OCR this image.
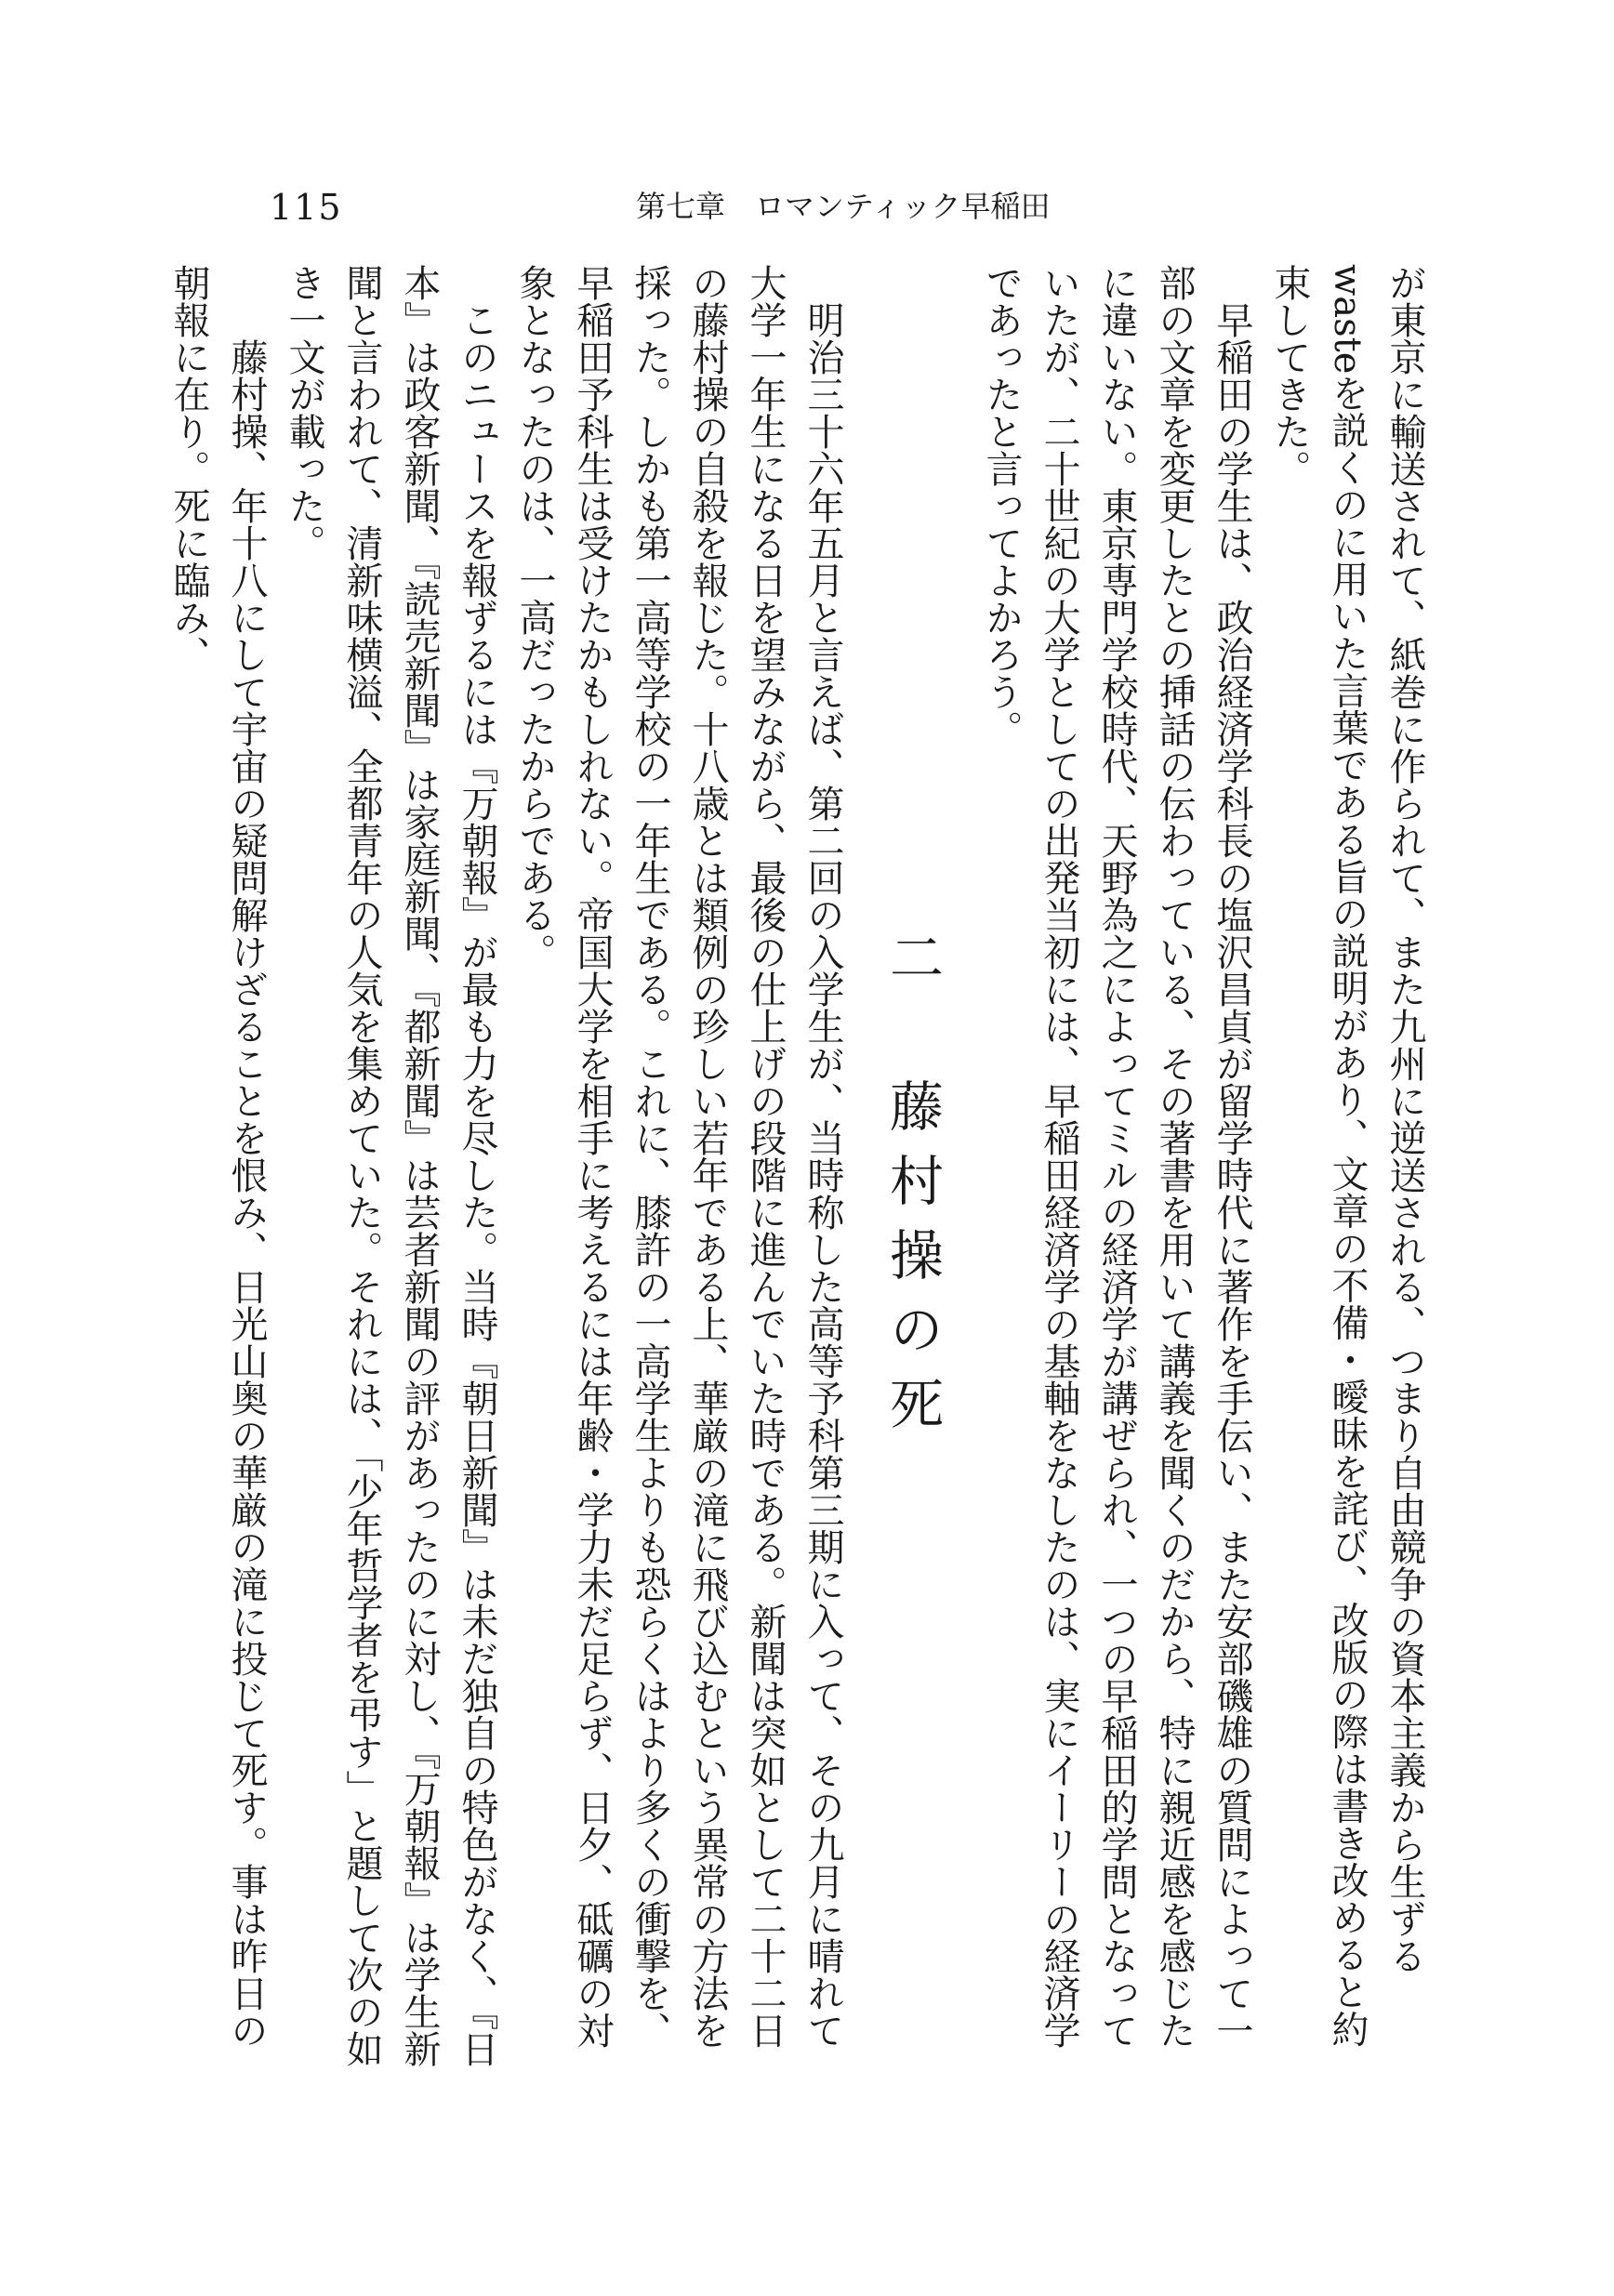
115	第七章　ロマンティック早稲田

が東京に輸送されて、紙巻に作られて、また九州に逆送される、つまり自由競争の資本主義から生ずるwasteを説くのに用いた言葉である旨の説明があり、文章の不備・曖昧を詫び、改版の際は書き改めると約束してきた。

　早稲田の学生は、政治経済学科長の塩沢昌貞が留学時代に著作を手伝い、また安部磯雄の質問によって一部の文章を変更したとの挿話の伝わっている、その著書を用いて講義を聞くのだから、特に親近感を感じたに違いない。東京専門学校時代、天野為之によってミルの経済学が講ぜられ、一つの早稲田的学問となっていたが、二十世紀の大学としての出発当初には、早稲田経済学の基軸をなしたのは、実にイーリーの経済学であったと言ってよかろう。

二　藤村操の死

　明治三十六年五月と言えば、第二回の入学生が、当時称した高等予科第三期に入って、その九月に晴れて大学一年生になる日を望みながら、最後の仕上げの段階に進んでいた時である。新聞は突如として二十二日の藤村操の自殺を報じた。十八歳とは類例の珍しい若年である上、華厳の滝に飛び込むという異常の方法を採った。しかも第一高等学校の一年生である。これに、膝許の一高学生よりも恐らくはより多くの衝撃を、早稲田予科生は受けたかもしれない。帝国大学を相手に考えるには年齢・学力未だ足らず、日夕、砥礪の対象となったのは、一高だったからである。

　このニュースを報ずるには『万朝報』が最も力を尽した。当時『朝日新聞』は未だ独自の特色がなく、『日本』は政客新聞、『読売新聞』は家庭新聞、『都新聞』は芸者新聞の評があったのに対し、『万朝報』は学生新聞と言われて、清新味横溢、全都青年の人気を集めていた。それには、「少年哲学者を弔す」と題して次の如き一文が載った。

　　藤村操、年十八にして宇宙の疑問解けざることを恨み、日光山奥の華厳の滝に投じて死す。事は昨日の朝報に在り。死に臨み、
